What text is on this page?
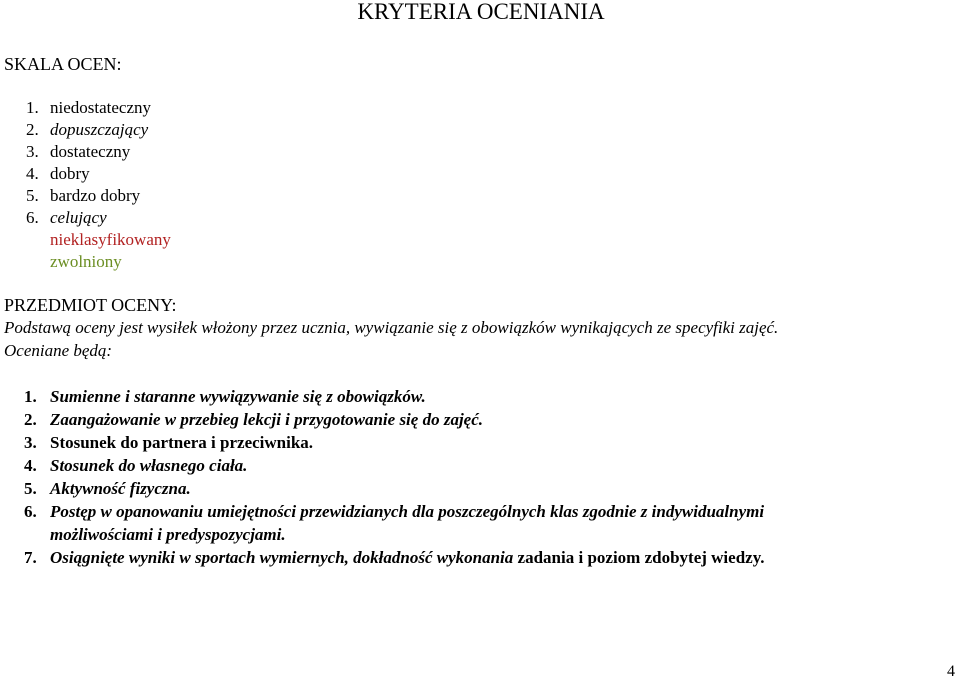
KRYTERIA OCENIANIA
SKALA OCEN:
1. niedostateczny
2. dopuszczający
3. dostateczny
4. dobry
5. bardzo dobry
6. celujący
nieklasyfikowany
zwolniony
PRZEDMIOT OCENY:
Podstawą oceny jest wysiłek włożony przez ucznia, wywiązanie się z obowiązków wynikających ze specyfiki zajęć.
Oceniane będą:
1. Sumienne i staranne wywiązywanie się z obowiązków.
2. Zaangażowanie w przebieg lekcji i przygotowanie się do zajęć.
3. Stosunek do partnera i przeciwnika.
4. Stosunek do własnego ciała.
5. Aktywność fizyczna.
6. Postęp w opanowaniu umiejętności przewidzianych dla poszczególnych klas zgodnie z indywidualnymi
możliwościami i predyspozycjami.
7. Osiągnięte wyniki w sportach wymiernych, dokładność wykonania zadania i poziom zdobytej wiedzy.
4
